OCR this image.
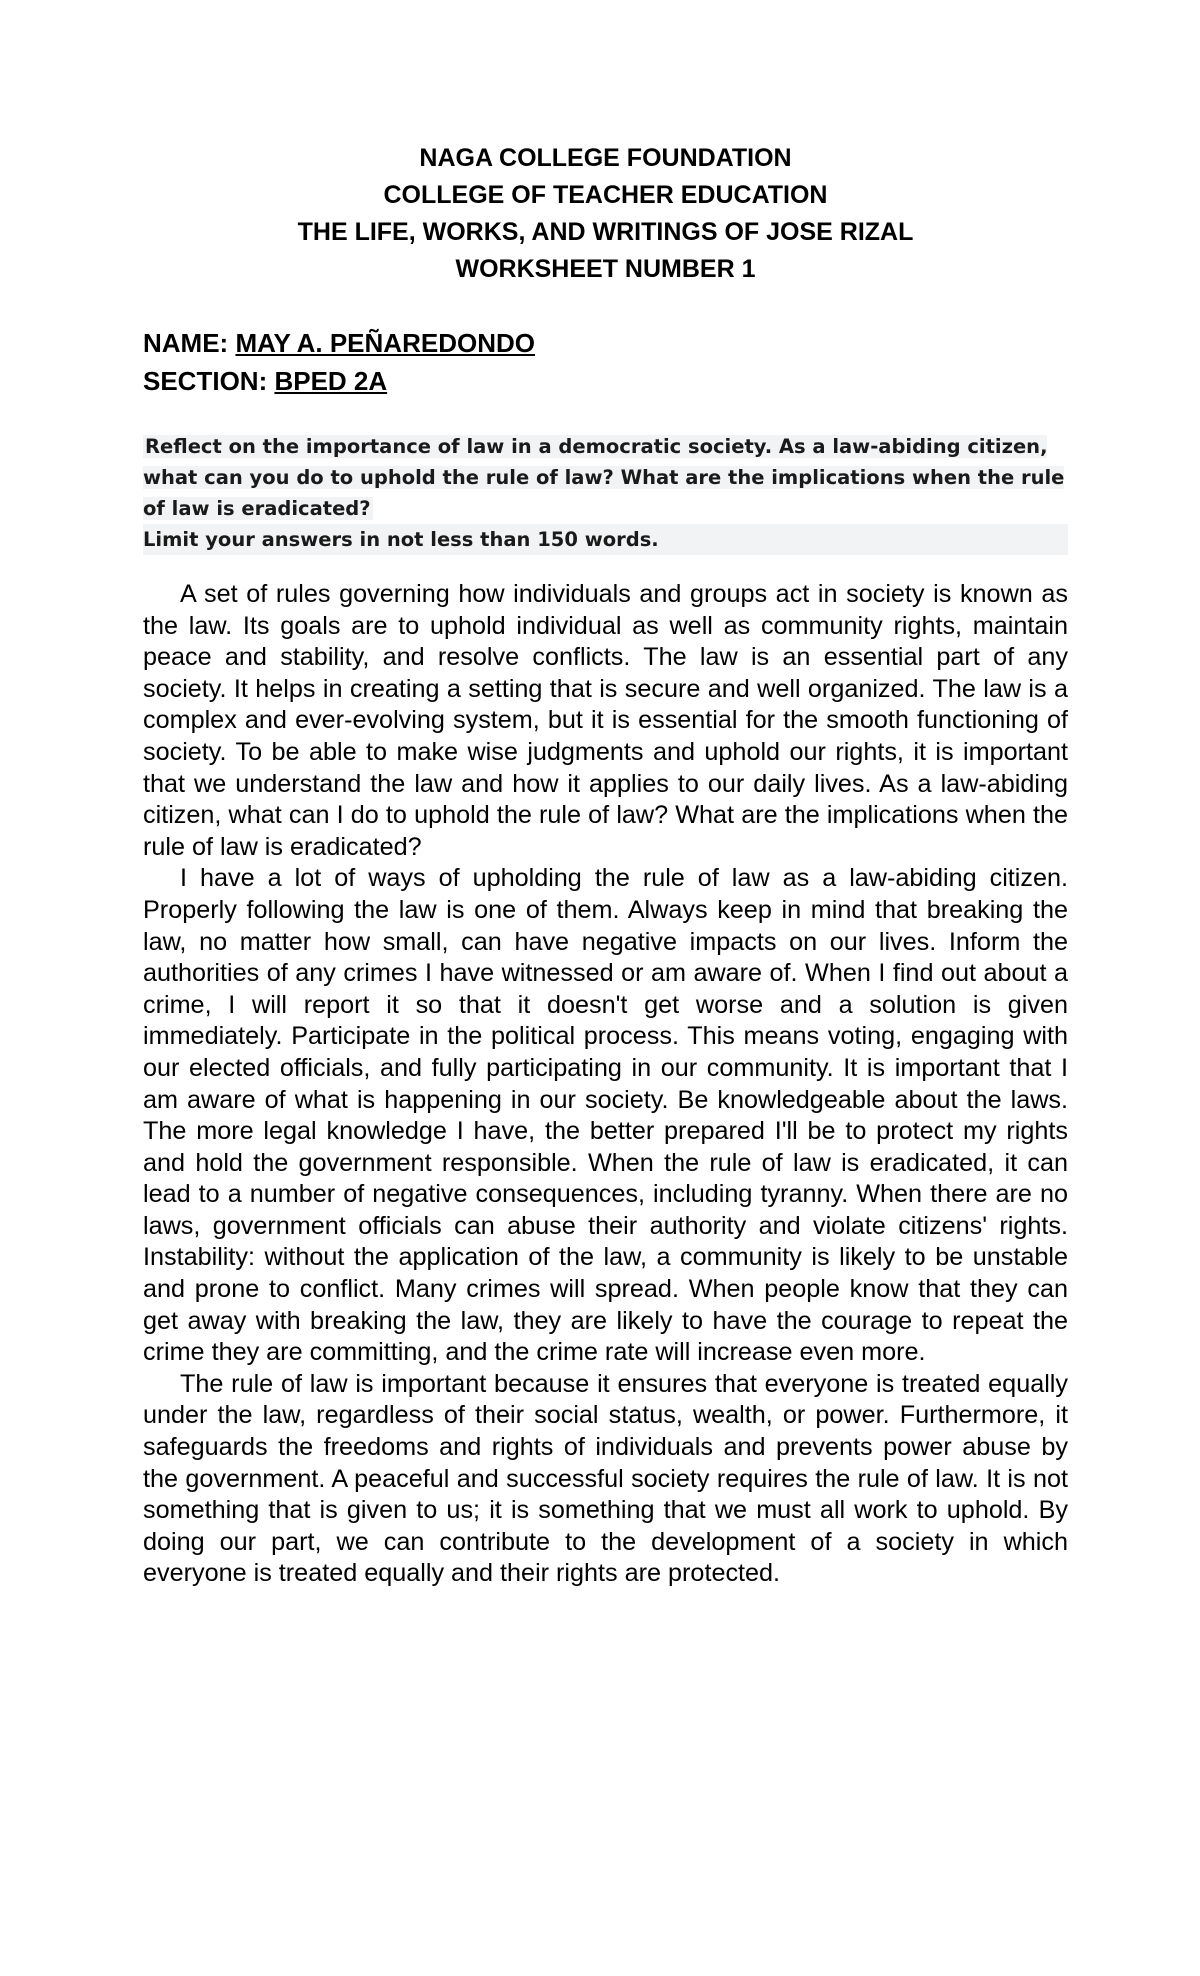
NAGA COLLEGE FOUNDATION
COLLEGE OF TEACHER EDUCATION
THE LIFE, WORKS, AND WRITINGS OF JOSE RIZAL
WORKSHEET NUMBER 1
NAME: MAY A. PEÑAREDONDO
SECTION: BPED 2A
Reflect on the importance of law in a democratic society. As a law-abiding citizen, what can you do to uphold the rule of law? What are the implications when the rule of law is eradicated?
Limit your answers in not less than 150 words.

A set of rules governing how individuals and groups act in society is known as the law. Its goals are to uphold individual as well as community rights, maintain peace and stability, and resolve conflicts. The law is an essential part of any society. It helps in creating a setting that is secure and well organized. The law is a complex and ever-evolving system, but it is essential for the smooth functioning of society. To be able to make wise judgments and uphold our rights, it is important that we understand the law and how it applies to our daily lives. As a law-abiding citizen, what can I do to uphold the rule of law? What are the implications when the rule of law is eradicated?

I have a lot of ways of upholding the rule of law as a law-abiding citizen. Properly following the law is one of them. Always keep in mind that breaking the law, no matter how small, can have negative impacts on our lives. Inform the authorities of any crimes I have witnessed or am aware of. When I find out about a crime, I will report it so that it doesn't get worse and a solution is given immediately. Participate in the political process. This means voting, engaging with our elected officials, and fully participating in our community. It is important that I am aware of what is happening in our society. Be knowledgeable about the laws. The more legal knowledge I have, the better prepared I'll be to protect my rights and hold the government responsible. When the rule of law is eradicated, it can lead to a number of negative consequences, including tyranny. When there are no laws, government officials can abuse their authority and violate citizens' rights. Instability: without the application of the law, a community is likely to be unstable and prone to conflict. Many crimes will spread. When people know that they can get away with breaking the law, they are likely to have the courage to repeat the crime they are committing, and the crime rate will increase even more.

The rule of law is important because it ensures that everyone is treated equally under the law, regardless of their social status, wealth, or power. Furthermore, it safeguards the freedoms and rights of individuals and prevents power abuse by the government. A peaceful and successful society requires the rule of law. It is not something that is given to us; it is something that we must all work to uphold. By doing our part, we can contribute to the development of a society in which everyone is treated equally and their rights are protected.
